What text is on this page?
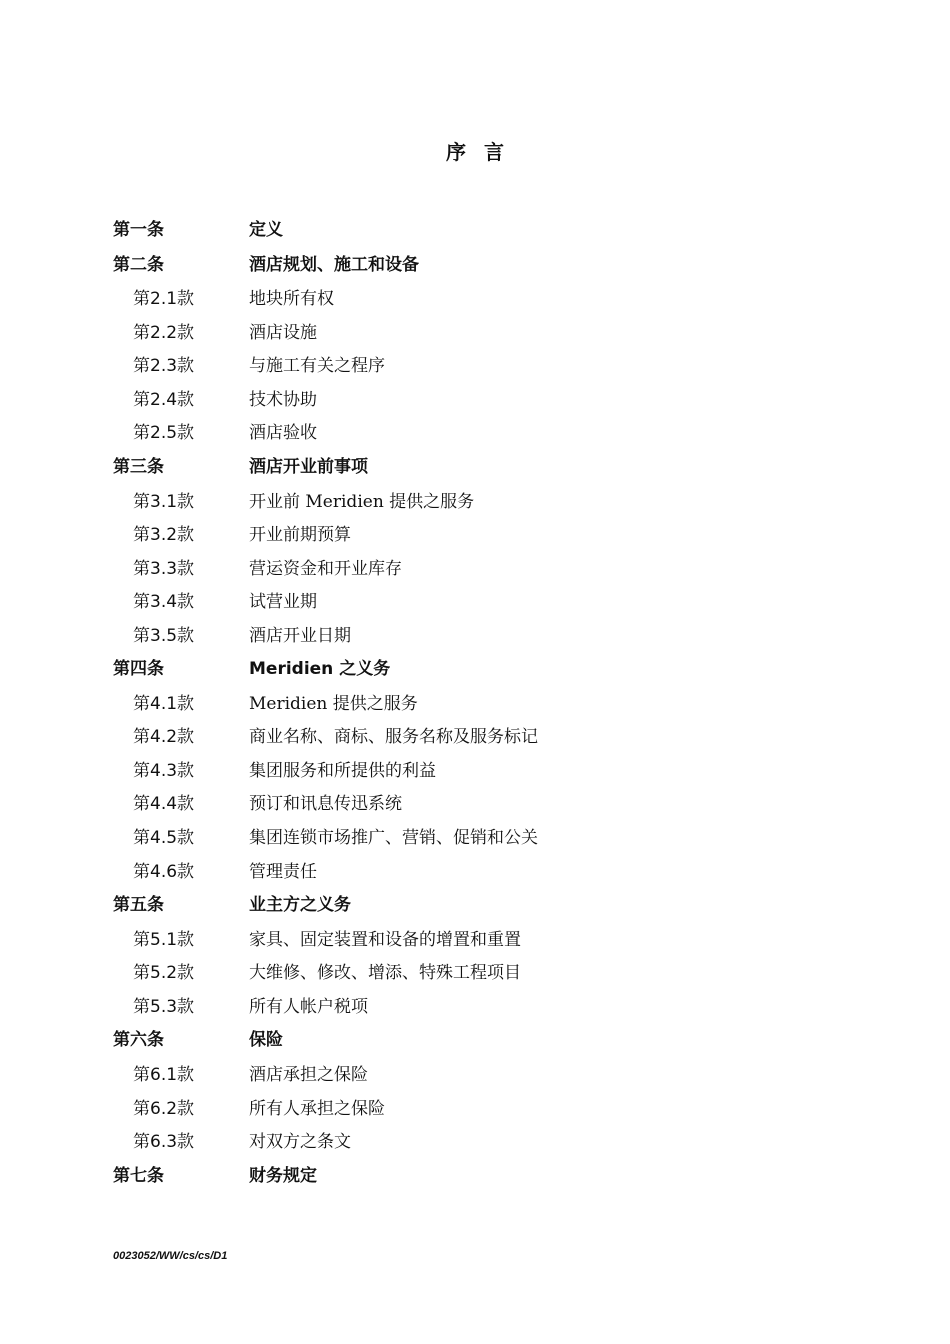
序言
第一条	定义
第二条	酒店规划、施工和设备
第2.1款	地块所有权
第2.2款	酒店设施
第2.3款	与施工有关之程序
第2.4款	技术协助
第2.5款	酒店验收
第三条	酒店开业前事项
第3.1款	开业前 Meridien 提供之服务
第3.2款	开业前期预算
第3.3款	营运资金和开业库存
第3.4款	试营业期
第3.5款	酒店开业日期
第四条	Meridien 之义务
第4.1款	Meridien 提供之服务
第4.2款	商业名称、商标、服务名称及服务标记
第4.3款	集团服务和所提供的利益
第4.4款	预订和讯息传迅系统
第4.5款	集团连锁市场推广、营销、促销和公关
第4.6款	管理责任
第五条	业主方之义务
第5.1款	家具、固定装置和设备的增置和重置
第5.2款	大维修、修改、增添、特殊工程项目
第5.3款	所有人帐户税项
第六条	保险
第6.1款	酒店承担之保险
第6.2款	所有人承担之保险
第6.3款	对双方之条文
第七条	财务规定
0023052/WW/cs/cs/D1
